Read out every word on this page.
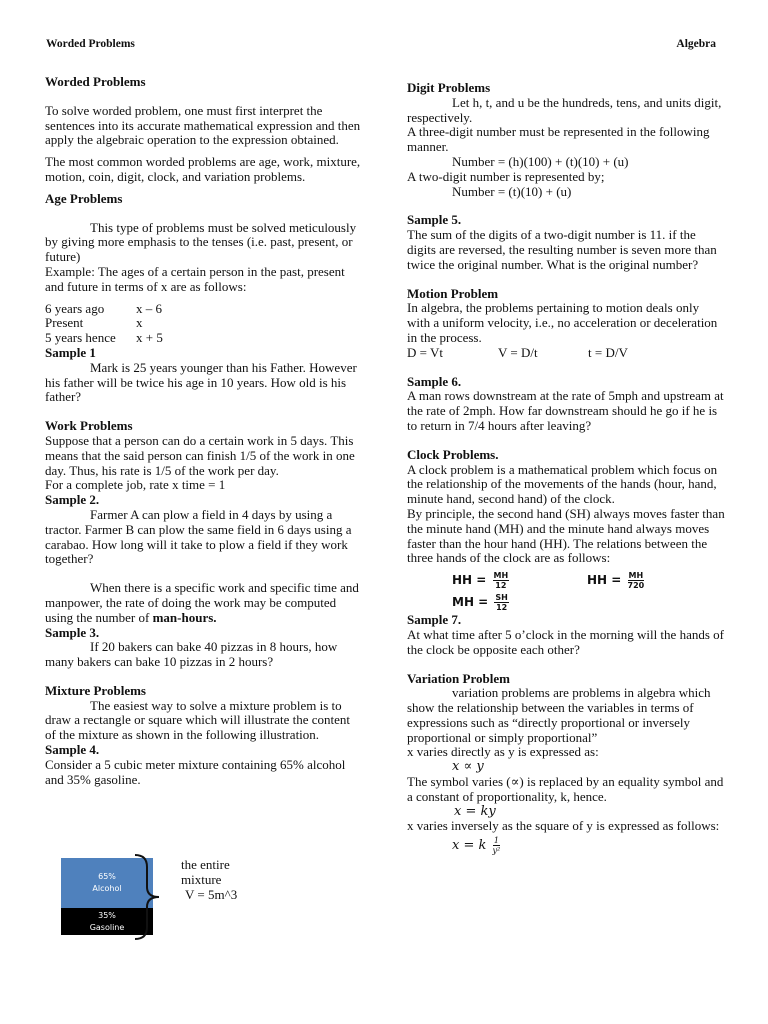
Worded Problems	Algebra

Worded Problems

To solve worded problem, one must first interpret the sentences into its accurate mathematical expression and then apply the algebraic operation to the expression obtained.

The most common worded problems are age, work, mixture, motion, coin, digit, clock, and variation problems.

Age Problems

This type of problems must be solved meticulously by giving more emphasis to the tenses (i.e. past, present, or future)

Example: The ages of a certain person in the past, present and future in terms of x are as follows:

6 years ago	x – 6
Present	x
5 years hence	x + 5

Sample 1

Mark is 25 years younger than his Father. However his father will be twice his age in 10 years. How old is his father?

Work Problems

Suppose that a person can do a certain work in 5 days. This means that the said person can finish 1/5 of the work in one day. Thus, his rate is 1/5 of the work per day.

For a complete job, rate x time = 1

Sample 2.

Farmer A can plow a field in 4 days by using a tractor. Farmer B can plow the same field in 6 days using a carabao. How long will it take to plow a field if they work together?

When there is a specific work and specific time and manpower, the rate of doing the work may be computed using the number of man-hours.

Sample 3.

If 20 bakers can bake 40 pizzas in 8 hours, how many bakers can bake 10 pizzas in 2 hours?

Mixture Problems

The easiest way to solve a mixture problem is to draw a rectangle or square which will illustrate the content of the mixture as shown in the following illustration.

Sample 4.

Consider a 5 cubic meter mixture containing 65% alcohol and 35% gasoline.

65%
Alcohol
35%
Gasoline

the entire

mixture

V = 5m^3

Digit Problems

Let h, t, and u be the hundreds, tens, and units digit, respectively.

A three-digit number must be represented in the following manner.

Number = (h)(100) + (t)(10) + (u)

A two-digit number is represented by;

Number = (t)(10) + (u)

Sample 5.

The sum of the digits of a two-digit number is 11. if the digits are reversed, the resulting number is seven more than twice the original number. What is the original number?

Motion Problem

In algebra, the problems pertaining to motion deals only with a uniform velocity, i.e., no acceleration or deceleration in the process.

D = Vt	V = D/t	t = D/V

Sample 6.

A man rows downstream at the rate of 5mph and upstream at the rate of 2mph. How far downstream should he go if he is to return in 7/4 hours after leaving?

Clock Problems.

A clock problem is a mathematical problem which focus on the relationship of the movements of the hands (hour, hand, minute hand, second hand) of the clock.

By principle, the second hand (SH) always moves faster than the minute hand (MH) and the minute hand always moves faster than the hour hand (HH). The relations between the three hands of the clock are as follows:

HH = $\frac{MH}{12}$	HH = $\frac{MH}{720}$
MH = $\frac{SH}{12}$

Sample 7.

At what time after 5 o’clock in the morning will the hands of the clock be opposite each other?

Variation Problem

variation problems are problems in algebra which show the relationship between the variables in terms of expressions such as “directly proportional or inversely proportional or simply proportional”

x varies directly as y is expressed as:

x ∝ y

The symbol varies (∝) is replaced by an equality symbol and a constant of proportionality, k, hence.

x = ky

x varies inversely as the square of y is expressed as follows:

x = k $\frac{1}{\text{y²}}$
